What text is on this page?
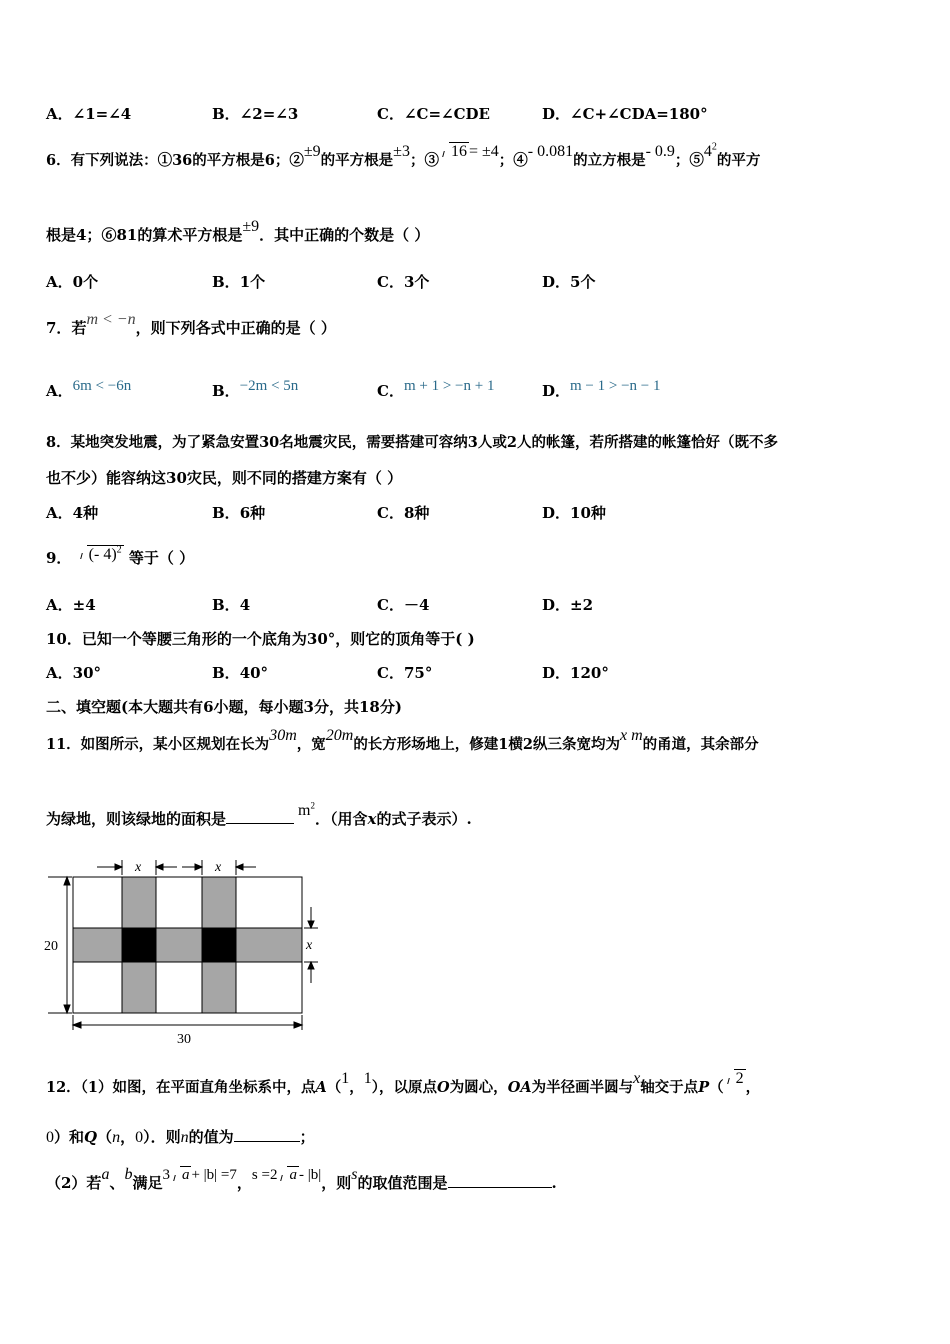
A．∠1=∠4	B．∠2=∠3	C．∠C=∠CDE	D．∠C+∠CDA=180°
6．有下列说法：①36的平方根是6；②±9的平方根是±3；③16 = ±4；④- 0.081的立方根是- 0.9；$⑤4^2$的平方
根是4；⑥81的算术平方根是±9．其中正确的个数是（ ）
A．0个	B．1个	C．3个	D．5个
7．若m < −n，则下列各式中正确的是（ ）
A．6m < −6n	B．−2m < 5n	C．m + 1 > −n + 1	D．m − 1 > −n − 1
8．某地突发地震，为了紧急安置30名地震灾民，需要搭建可容纳3人或2人的帐篷，若所搭建的帐篷恰好（既不多
也不少）能容纳这30灾民，则不同的搭建方案有（ ）
A．4种	B．6种	C．8种	D．10种
9． (- 4)$^2$ 等于（ ）
A．±4	B．4	C．－4	D．±2
10．已知一个等腰三角形的一个底角为30°，则它的顶角等于( )
A．30°	B．40°	C．75°	D．120°
二、填空题(本大题共有6小题，每小题3分，共18分)
11．如图所示，某小区规划在长为30m，宽20m的长方形场地上，修建1横2纵三条宽均为x m的甬道，其余部分
为绿地，则该绿地的面积是	$m^2$．（用含x的式子表示）.
x	x
x
20
30
12．（1）如图，在平面直角坐标系中，点A（1，1），以原点O为圆心，OA为半径画半圆与x轴交于点P（2，
0）和Q（n，0）．则n的值为	；
（2）若a、b满足3 a + |b| =7，s =2 a - |b|，则s的取值范围是	.
